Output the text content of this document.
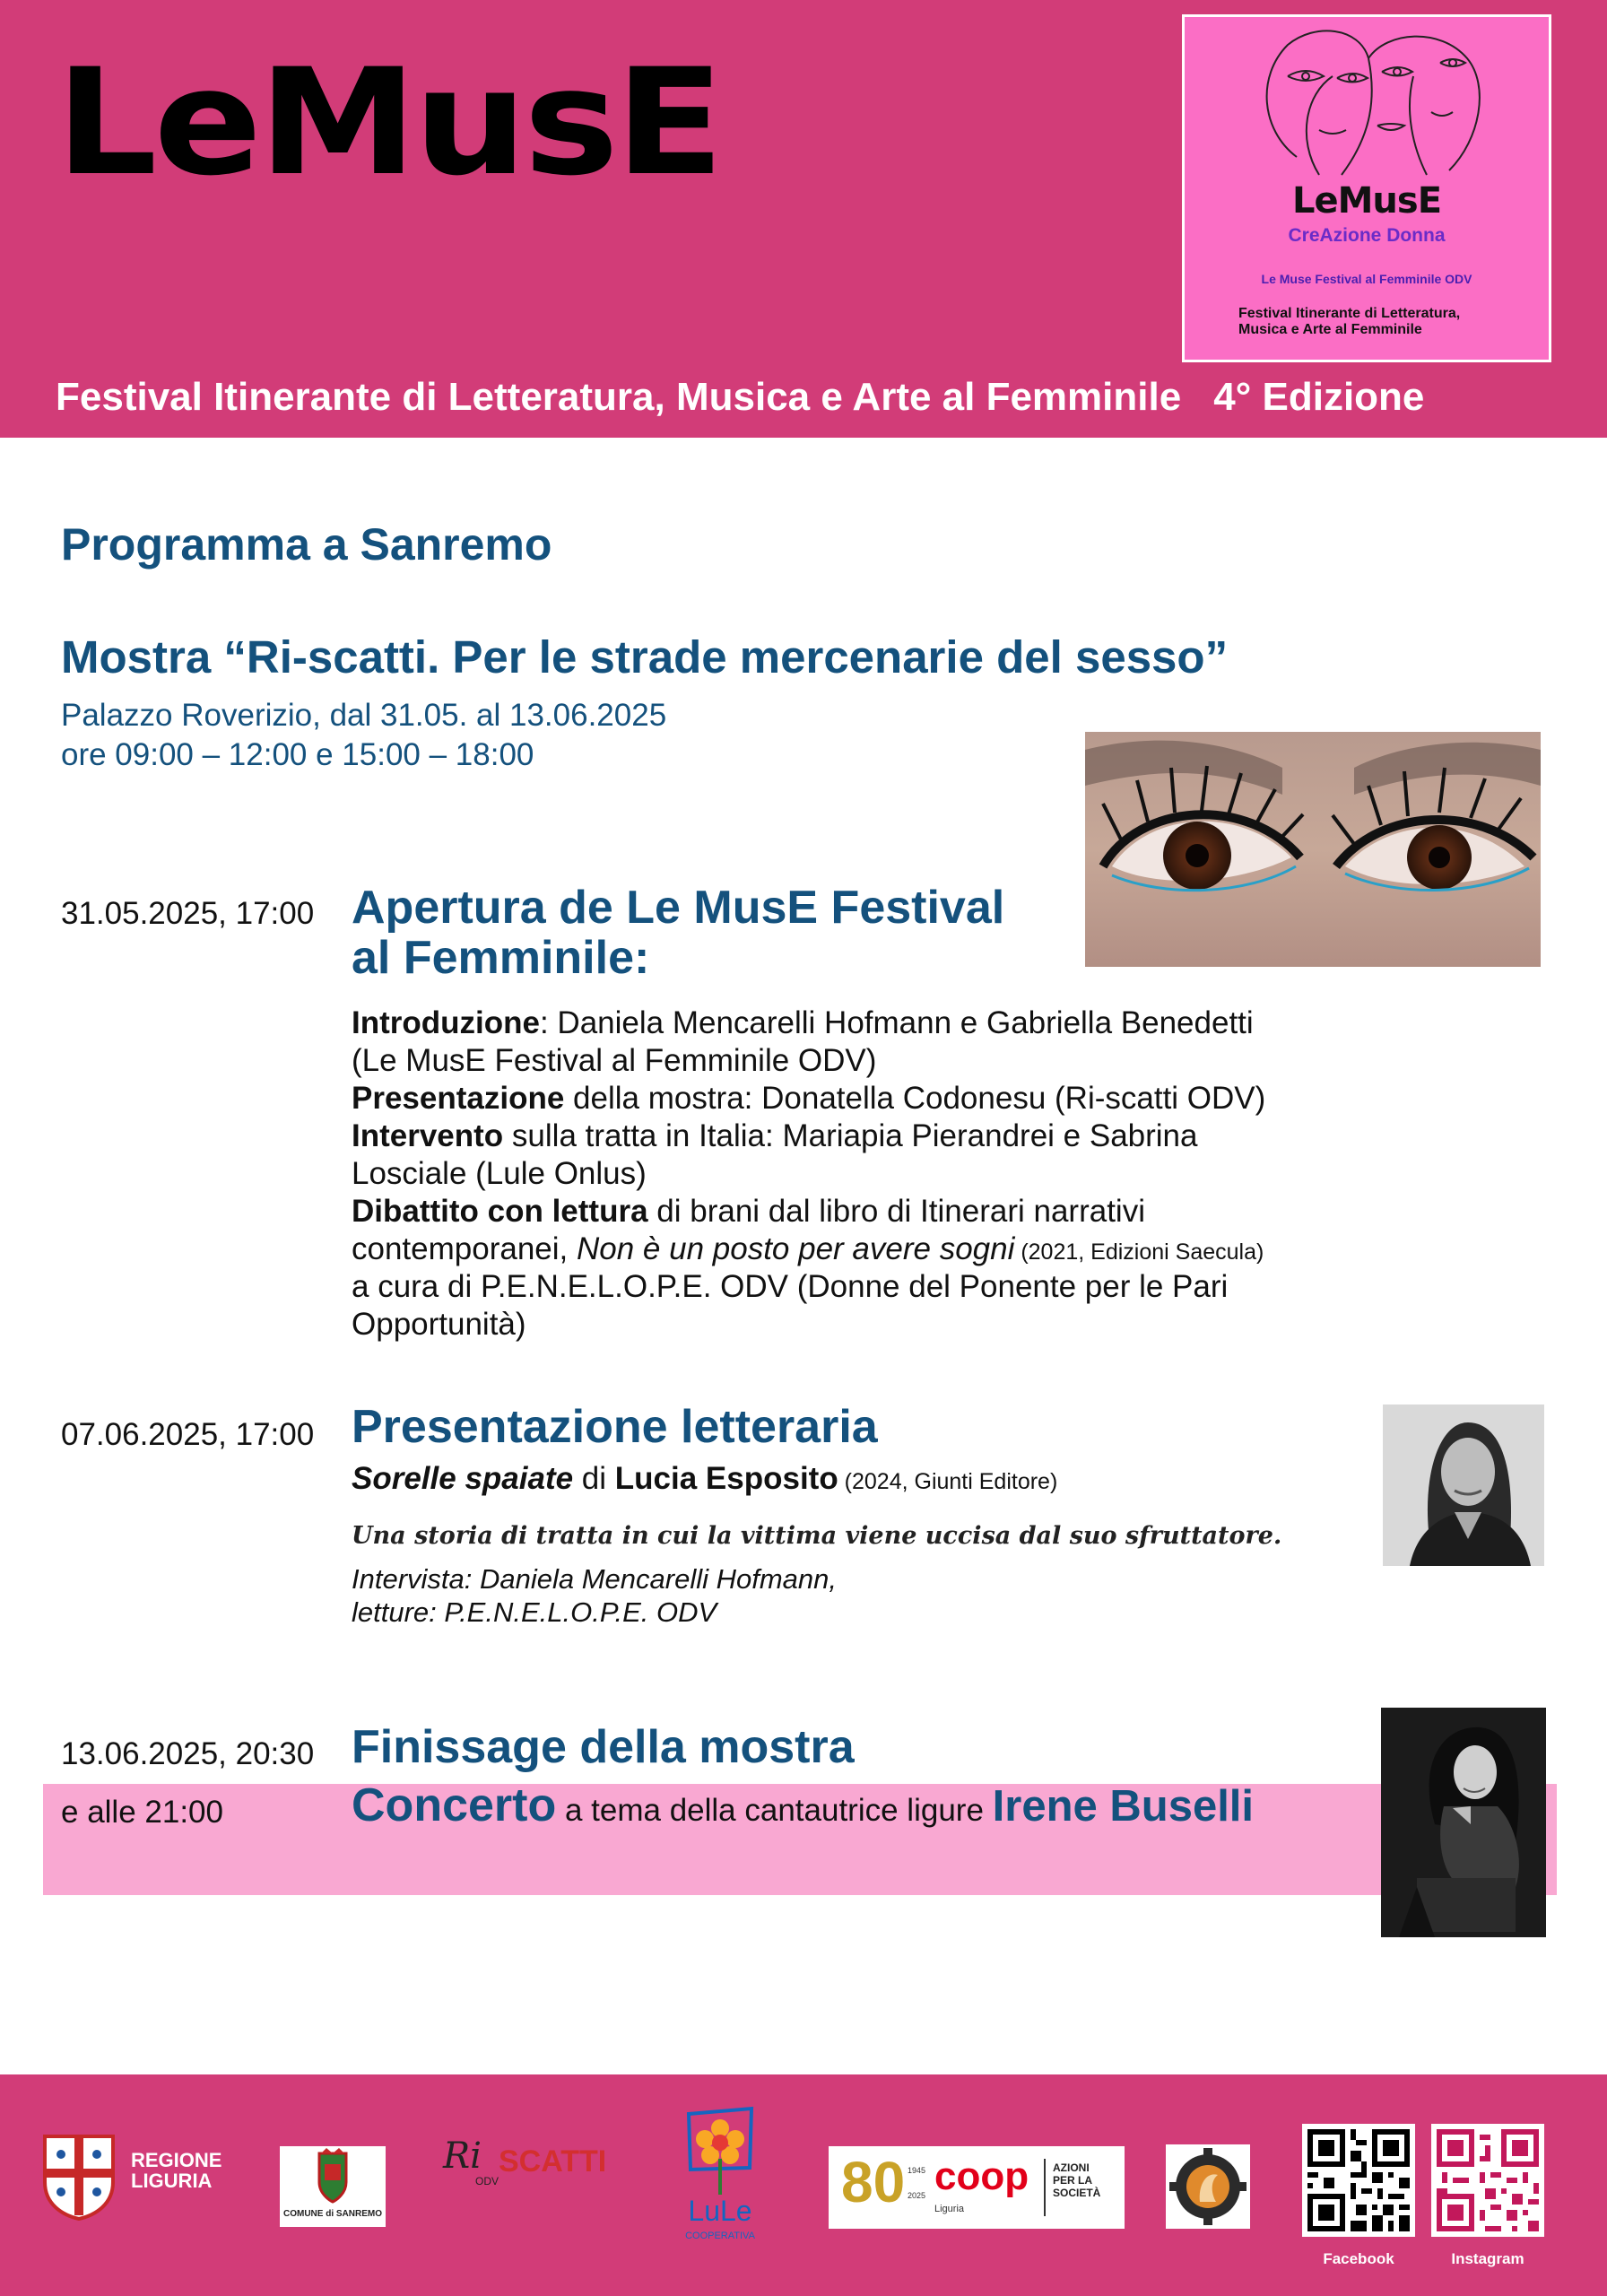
LeMusE	LeMusE
CreAzione Donna
Le Muse Festival al Femminile ODV
Festival Itinerante di Letteratura,
Musica e Arte al Femminile
Festival Itinerante di Letteratura, Musica e Arte al Femminile 4° Edizione
Programma a Sanremo
Mostra “Ri-scatti. Per le strade mercenarie del sesso”
Palazzo Roverizio, dal 31.05. al 13.06.2025
ore 09:00 – 12:00 e 15:00 – 18:00
31.05.2025, 17:00 Apertura de Le MusE Festival
al Femminile:
Introduzione: Daniela Mencarelli Hofmann e Gabriella Benedetti
(Le MusE Festival al Femminile ODV)
Presentazione della mostra: Donatella Codonesu (Ri-scatti ODV)
Intervento sulla tratta in Italia: Mariapia Pierandrei e Sabrina
Losciale (Lule Onlus)
Dibattito con lettura di brani dal libro di Itinerari narrativi
contemporanei, Non è un posto per avere sogni (2021, Edizioni Saecula)
a cura di P.E.N.E.L.O.P.E. ODV (Donne del Ponente per le Pari
Opportunità)
07.06.2025, 17:00 Presentazione letteraria
Sorelle spaiate di Lucia Esposito (2024, Giunti Editore)
Una storia di tratta in cui la vittima viene uccisa dal suo sfruttatore.
Intervista: Daniela Mencarelli Hofmann,
letture: P.E.N.E.L.O.P.E. ODV
13.06.2025, 20:30
e alle 21:00
Finissage della mostra
Concerto a tema della cantautrice ligure Irene Buselli
REGIONE
LIGURIA
COMUNE di SANREMO
Ri SCATTI
ODV
LuLe
COOPERATIVA
80 1945
2025 coop
Liguria
AZIONI
PER LA
SOCIETÀ
Facebook	Instagram
